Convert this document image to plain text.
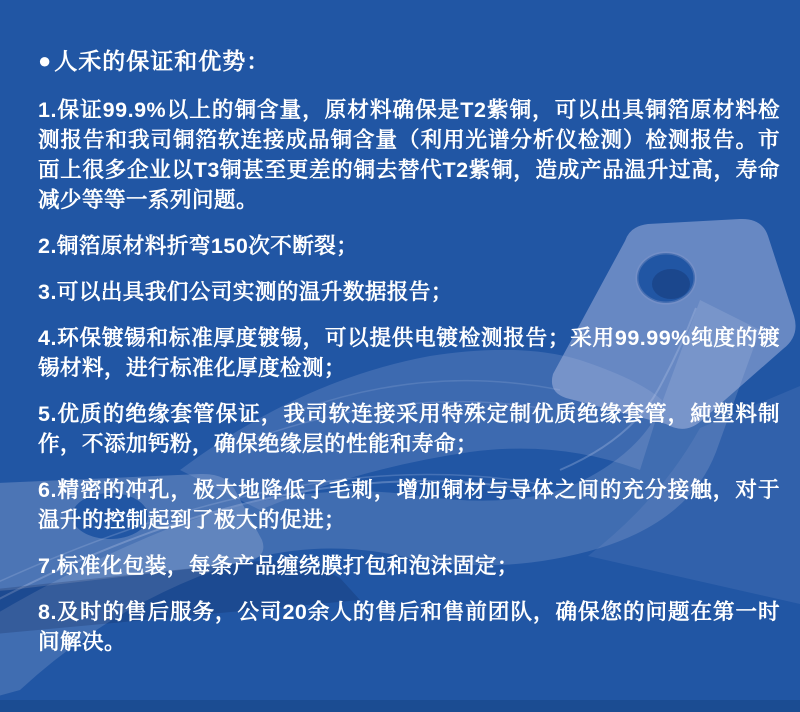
● 人禾的保证和优势：

1.保证99.9%以上的铜含量，原材料确保是T2紫铜，可以出具铜箔原材料检测报告和我司铜箔软连接成品铜含量（利用光谱分析仪检测）检测报告。市面上很多企业以T3铜甚至更差的铜去替代T2紫铜，造成产品温升过高，寿命减少等等一系列问题。

2.铜箔原材料折弯150次不断裂；

3.可以出具我们公司实测的温升数据报告；

4.环保镀锡和标准厚度镀锡，可以提供电镀检测报告；采用99.99%纯度的镀锡材料，进行标准化厚度检测；

5.优质的绝缘套管保证，我司软连接采用特殊定制优质绝缘套管，純塑料制作，不添加钙粉，确保绝缘层的性能和寿命；

6.精密的冲孔，极大地降低了毛刺，增加铜材与导体之间的充分接触，对于温升的控制起到了极大的促进；

7.标准化包装，每条产品缠绕膜打包和泡沫固定；

8.及时的售后服务，公司20余人的售后和售前团队，确保您的问题在第一时间解决。
